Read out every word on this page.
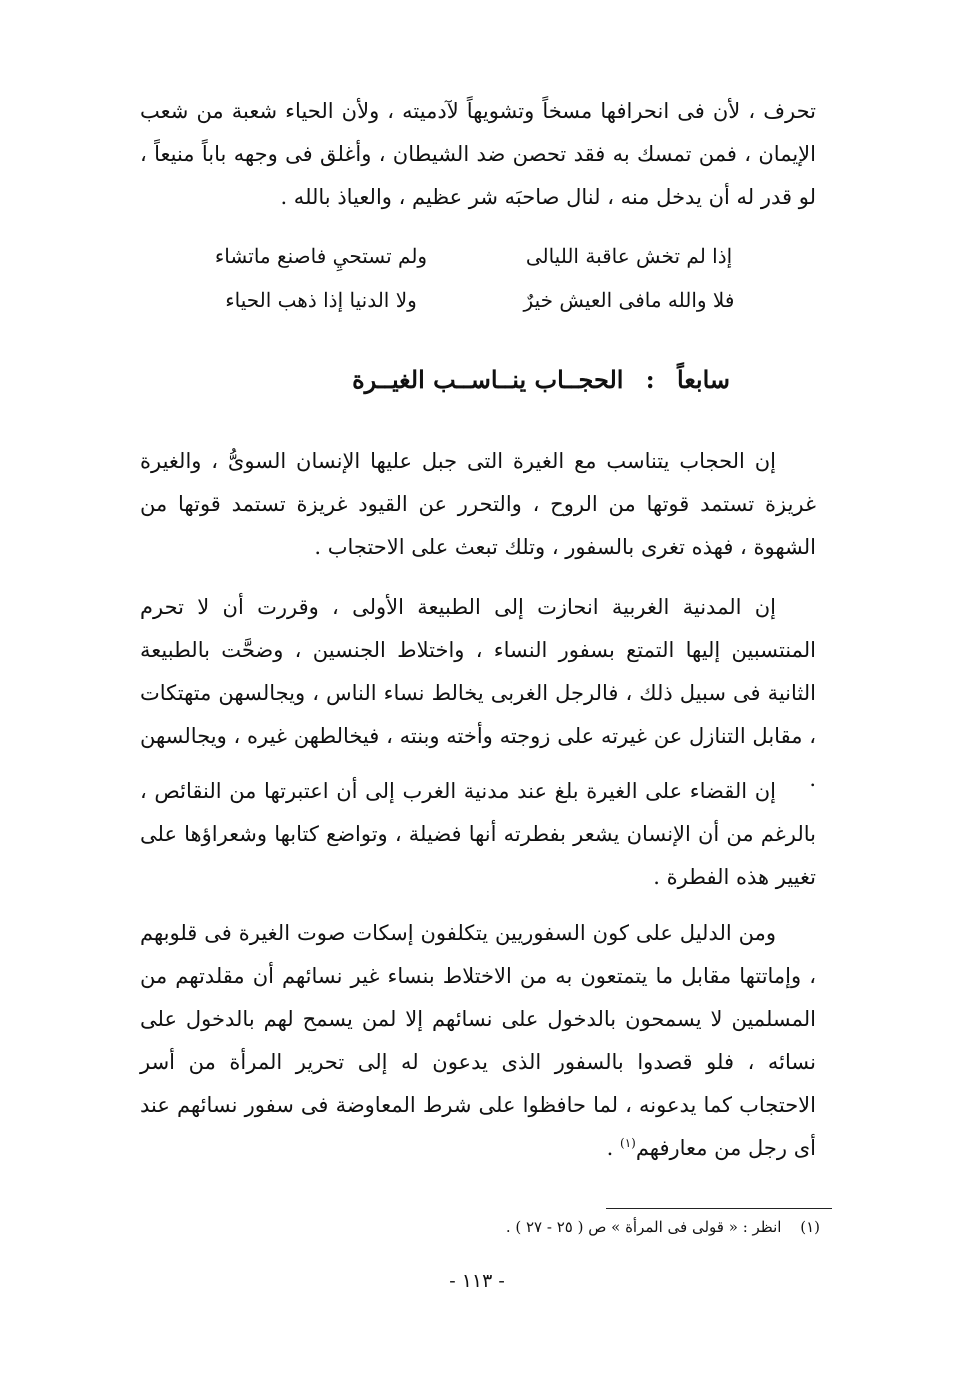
تحرف ، لأن فى انحرافها مسخاً وتشويهاً لآدميته ، ولأن الحياء شعبة من شعب الإيمان ، فمن تمسك به فقد تحصن ضد الشيطان ، وأغلق فى وجهه باباً منيعاً ، لو قدر له أن يدخل منه ، لنال صاحبَه شر عظيم ، والعياذ بالله .

إذا لم تخش عاقبة الليالى
ولم تستحيِ فاصنع ماتشاء
فلا والله مافى العيش خيرٌ
ولا الدنيا إذا ذهب الحياء
سابعاً : الحجــاب ينــاســب الغيــرة

إن الحجاب يتناسب مع الغيرة التى جبل عليها الإنسان السوىُّ ، والغيرة غريزة تستمد قوتها من الروح ، والتحرر عن القيود غريزة تستمد قوتها من الشهوة ، فهذه تغرى بالسفور ، وتلك تبعث على الاحتجاب .

إن المدنية الغربية انحازت إلى الطبيعة الأولى ، وقررت أن لا تحرم المنتسبين إليها التمتع بسفور النساء ، واختلاط الجنسين ، وضحَّت بالطبيعة الثانية فى سبيل ذلك ، فالرجل الغربى يخالط نساء الناس ، ويجالسهن متهتكات ، مقابل التنازل عن غيرته على زوجته وأخته وبنته ، فيخالطهن غيره ، ويجالسهن .

إن القضاء على الغيرة بلغ عند مدنية الغرب إلى أن اعتبرتها من النقائص ، بالرغم من أن الإنسان يشعر بفطرته أنها فضيلة ، وتواضع كتابها وشعراؤها على تغيير هذه الفطرة .

ومن الدليل على كون السفوريين يتكلفون إسكات صوت الغيرة فى قلوبهم ، وإماتتها مقابل ما يتمتعون به من الاختلاط بنساء غير نسائهم أن مقلدتهم من المسلمين لا يسمحون بالدخول على نسائهم إلا لمن يسمح لهم بالدخول على نسائه ، فلو قصدوا بالسفور الذى يدعون له إلى تحرير المرأة من أسر الاحتجاب كما يدعونه ، لما حافظوا على شرط المعاوضة فى سفور نسائهم عند أى رجل من معارفهم$^{(١)}$ .

(١) انظر : « قولى فى المرأة » ص ( ٢٥ - ٢٧ ) .
- ١١٣ -
